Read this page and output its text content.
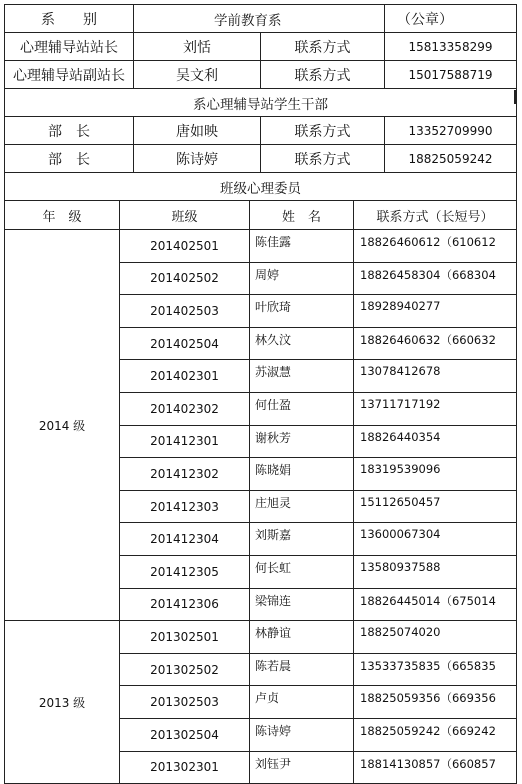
系　　别	学前教育系		（公章）
心理辅导站站长	刘恬	联系方式	15813358299
心理辅导站副站长	吴文利	联系方式	15017588719
系心理辅导站学生干部			
部　长	唐如映	联系方式	13352709990
部　长	陈诗婷	联系方式	18825059242
班级心理委员			
年　级	班级	姓　名	联系方式（长短号）
2014 级	201402501	陈佳露	18826460612（610612
	201402502	周婷	18826458304（668304
	201402503	叶欣琦	18928940277
	201402504	林久汶	18826460632（660632
	201402301	苏淑慧	13078412678
	201402302	何仕盈	13711717192
	201412301	谢秋芳	18826440354
	201412302	陈晓娟	18319539096
	201412303	庄旭灵	15112650457
	201412304	刘斯嘉	13600067304
	201412305	何长虹	13580937588
	201412306	梁锦连	18826445014（675014
2013 级	201302501	林静谊	18825074020
	201302502	陈若晨	13533735835（665835
	201302503	卢贞	18825059356（669356
	201302504	陈诗婷	18825059242（669242
	201302301	刘钰尹	18814130857（660857
